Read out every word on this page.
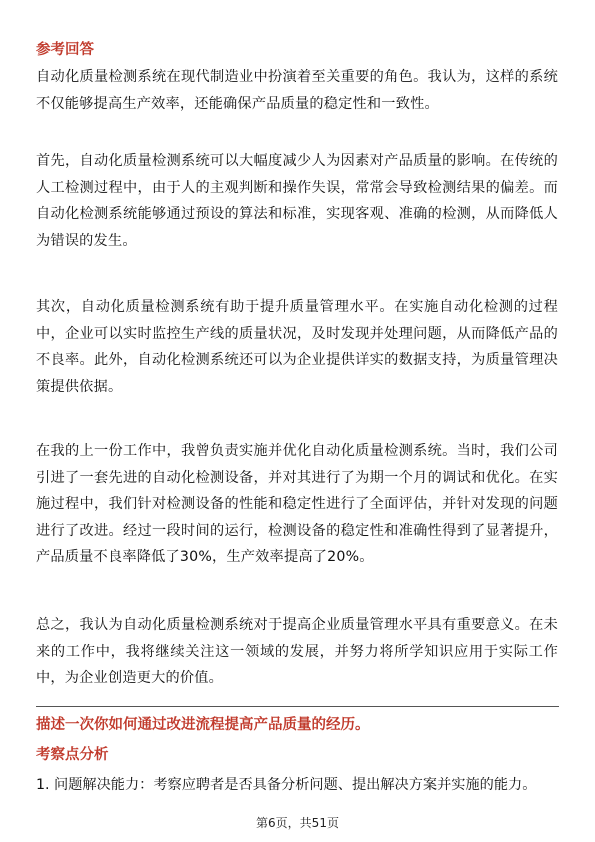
参考回答

自动化质量检测系统在现代制造业中扮演着至关重要的角色。我认为，这样的系统不仅能够提高生产效率，还能确保产品质量的稳定性和一致性。

首先，自动化质量检测系统可以大幅度减少人为因素对产品质量的影响。在传统的人工检测过程中，由于人的主观判断和操作失误，常常会导致检测结果的偏差。而自动化检测系统能够通过预设的算法和标准，实现客观、准确的检测，从而降低人为错误的发生。

其次，自动化质量检测系统有助于提升质量管理水平。在实施自动化检测的过程中，企业可以实时监控生产线的质量状况，及时发现并处理问题，从而降低产品的不良率。此外，自动化检测系统还可以为企业提供详实的数据支持，为质量管理决策提供依据。

在我的上一份工作中，我曾负责实施并优化自动化质量检测系统。当时，我们公司引进了一套先进的自动化检测设备，并对其进行了为期一个月的调试和优化。在实施过程中，我们针对检测设备的性能和稳定性进行了全面评估，并针对发现的问题进行了改进。经过一段时间的运行，检测设备的稳定性和准确性得到了显著提升，产品质量不良率降低了30%，生产效率提高了20%。

总之，我认为自动化质量检测系统对于提高企业质量管理水平具有重要意义。在未来的工作中，我将继续关注这一领域的发展，并努力将所学知识应用于实际工作中，为企业创造更大的价值。

描述一次你如何通过改进流程提高产品质量的经历。
考察点分析

1. 问题解决能力：考察应聘者是否具备分析问题、提出解决方案并实施的能力。

第6页，共51页
